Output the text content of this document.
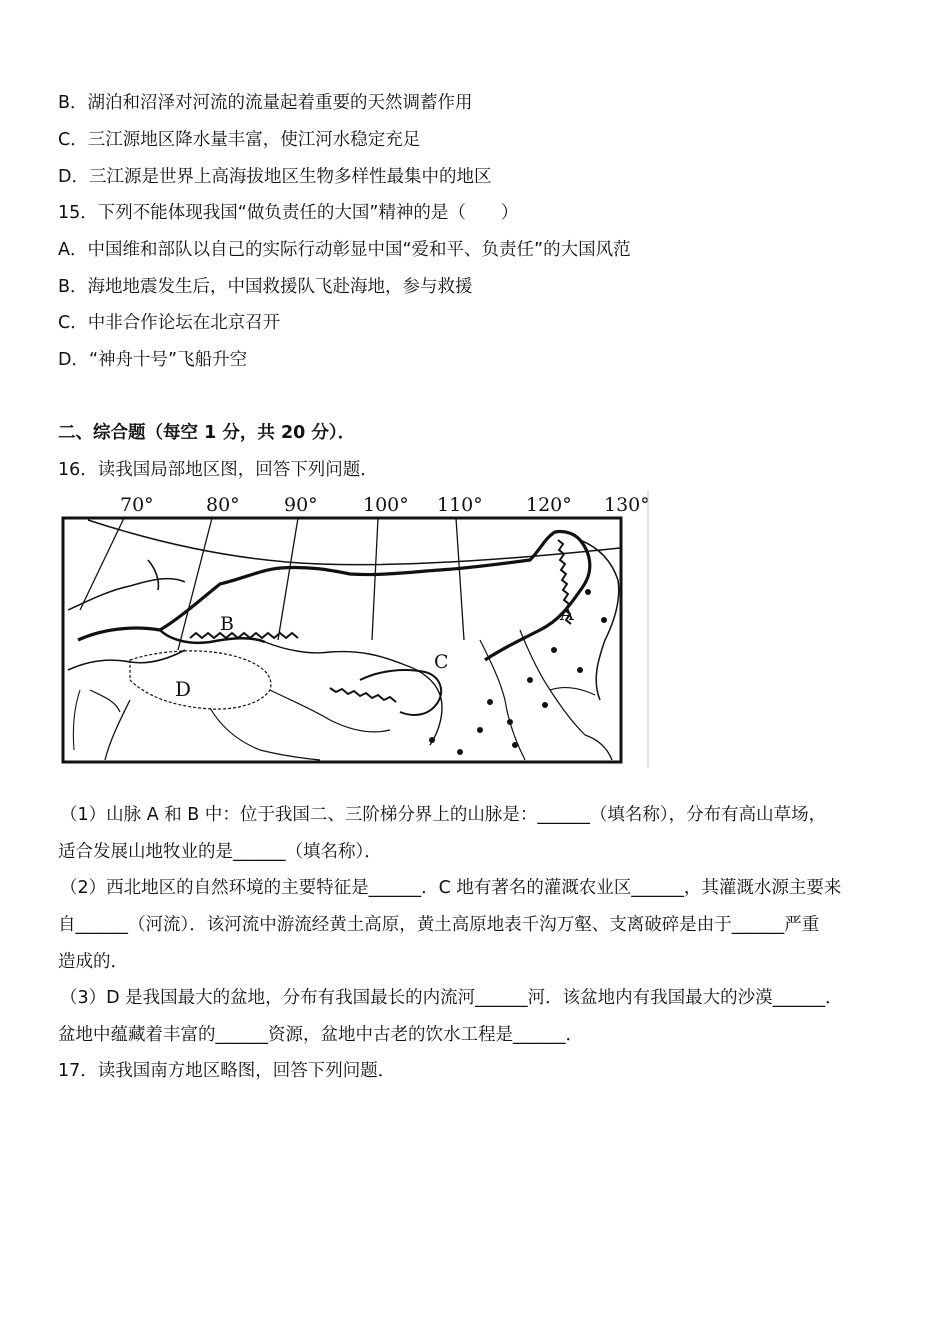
B．湖泊和沼泽对河流的流量起着重要的天然调蓄作用
C．三江源地区降水量丰富，使江河水稳定充足
D．三江源是世界上高海拔地区生物多样性最集中的地区
15．下列不能体现我国“做负责任的大国”精神的是（　　）
A．中国维和部队以自己的实际行动彰显中国“爱和平、负责任”的大国风范
B．海地地震发生后，中国救援队飞赴海地，参与救援
C．中非合作论坛在北京召开
D．“神舟十号”飞船升空
二、综合题（每空 1 分，共 20 分）．
16．读我国局部地区图，回答下列问题．
70°	80° 90° 100° 110° 120° 130°
B	A
C
D
（1）山脉 A 和 B 中：位于我国二、三阶梯分界上的山脉是：______（填名称），分布有高山草场，
适合发展山地牧业的是______（填名称）．
（2）西北地区的自然环境的主要特征是______．C 地有著名的灌溉农业区______，其灌溉水源主要来
自______（河流）．该河流中游流经黄土高原，黄土高原地表千沟万壑、支离破碎是由于______严重
造成的．
（3）D 是我国最大的盆地，分布有我国最长的内流河______河．该盆地内有我国最大的沙漠______．
盆地中蕴藏着丰富的______资源，盆地中古老的饮水工程是______．
17．读我国南方地区略图，回答下列问题．
